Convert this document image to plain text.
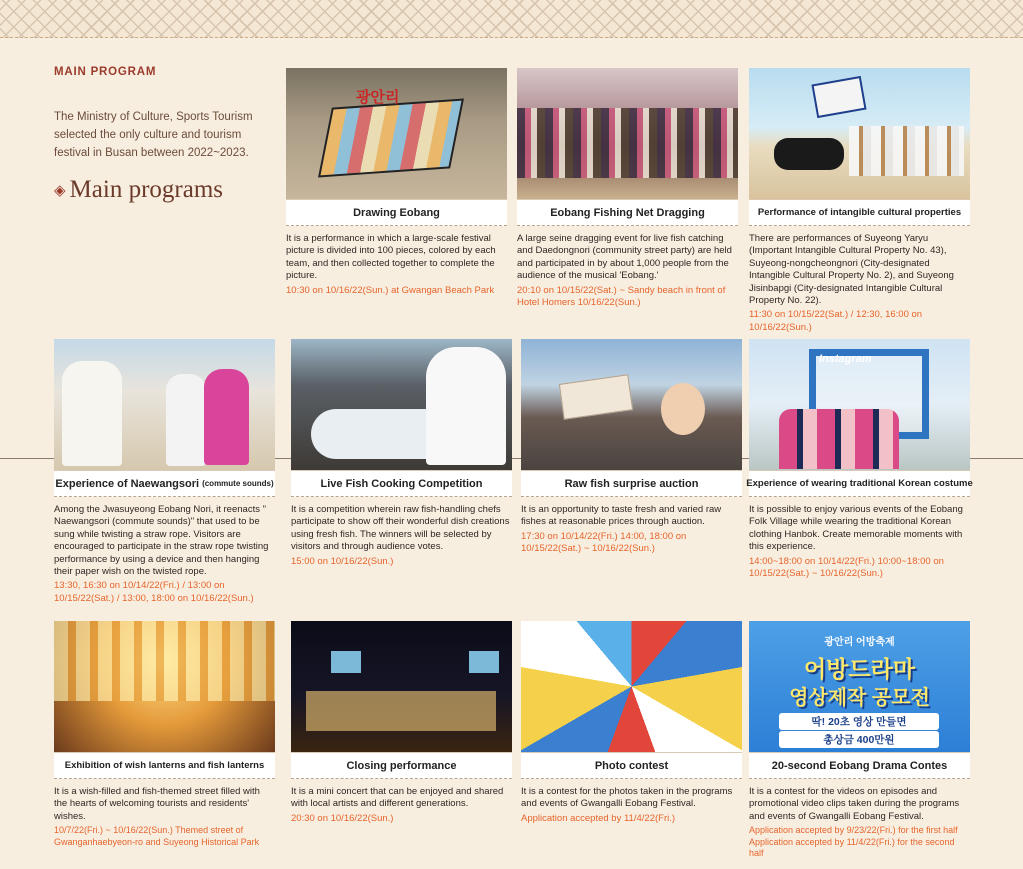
MAIN PROGRAM
The Ministry of Culture, Sports Tourism selected the only culture and tourism festival in Busan between 2022~2023.
◈ Main programs
광안리
Drawing Eobang
It is a performance in which a large-scale festival picture is divided into 100 pieces, colored by each team, and then collected together to complete the picture.
10:30 on 10/16/22(Sun.) at Gwangan Beach Park
Eobang Fishing Net Dragging
A large seine dragging event for live fish catching and Daedongnori (community street party) are held and participated in by about 1,000 people from the audience of the musical 'Eobang.'
20:10 on 10/15/22(Sat.) ~ Sandy beach in front of Hotel Homers 10/16/22(Sun.)
Performance of intangible cultural properties
There are performances of Suyeong Yaryu (Important Intangible Cultural Property No. 43), Suyeong-nongcheongnori (City-designated Intangible Cultural Property No. 2), and Suyeong Jisinbapgi (City-designated Intangible Cultural Property No. 22).
11:30 on 10/15/22(Sat.) / 12:30, 16:00 on 10/16/22(Sun.)
Experience of Naewangsori (commute sounds)
Among the Jwasuyeong Eobang Nori, it reenacts " Naewangsori (commute sounds)" that used to be sung while twisting a straw rope. Visitors are encouraged to participate in the straw rope twisting performance by using a device and then hanging their paper wish on the twisted rope.
13:30, 16:30 on 10/14/22(Fri.) / 13:00 on 10/15/22(Sat.) / 13:00, 18:00 on 10/16/22(Sun.)
Live Fish Cooking Competition
It is a competition wherein raw fish-handling chefs participate to show off their wonderful dish creations using fresh fish. The winners will be selected by visitors and through audience votes.
15:00 on 10/16/22(Sun.)
Raw fish surprise auction
It is an opportunity to taste fresh and varied raw fishes at reasonable prices through auction.
17:30 on 10/14/22(Fri.) 14:00, 18:00 on 10/15/22(Sat.) ~ 10/16/22(Sun.)
Instagram
Experience of wearing traditional Korean costume
It is possible to enjoy various events of the Eobang Folk Village while wearing the traditional Korean clothing Hanbok. Create memorable moments with this experience.
14:00~18:00 on 10/14/22(Fri.) 10:00~18:00 on 10/15/22(Sat.) ~ 10/16/22(Sun.)
Exhibition of wish lanterns and fish lanterns
It is a wish-filled and fish-themed street filled with the hearts of welcoming tourists and residents' wishes.
10/7/22(Fri.) ~ 10/16/22(Sun.) Themed street of Gwanganhaebyeon-ro and Suyeong Historical Park
Closing performance
It is a mini concert that can be enjoyed and shared with local artists and different generations.
20:30 on 10/16/22(Sun.)
Photo contest
It is a contest for the photos taken in the programs and events of Gwangalli Eobang Festival.
Application accepted by 11/4/22(Fri.)
광안리 어방축제
어방드라마
영상제작 공모전
딱! 20초 영상 만들면
총상금 400만원
20-second Eobang Drama Contes
It is a contest for the videos on episodes and promotional video clips taken during the programs and events of Gwangalli Eobang Festival.
Application accepted by 9/23/22(Fri.) for the first half Application accepted by 11/4/22(Fri.) for the second half
